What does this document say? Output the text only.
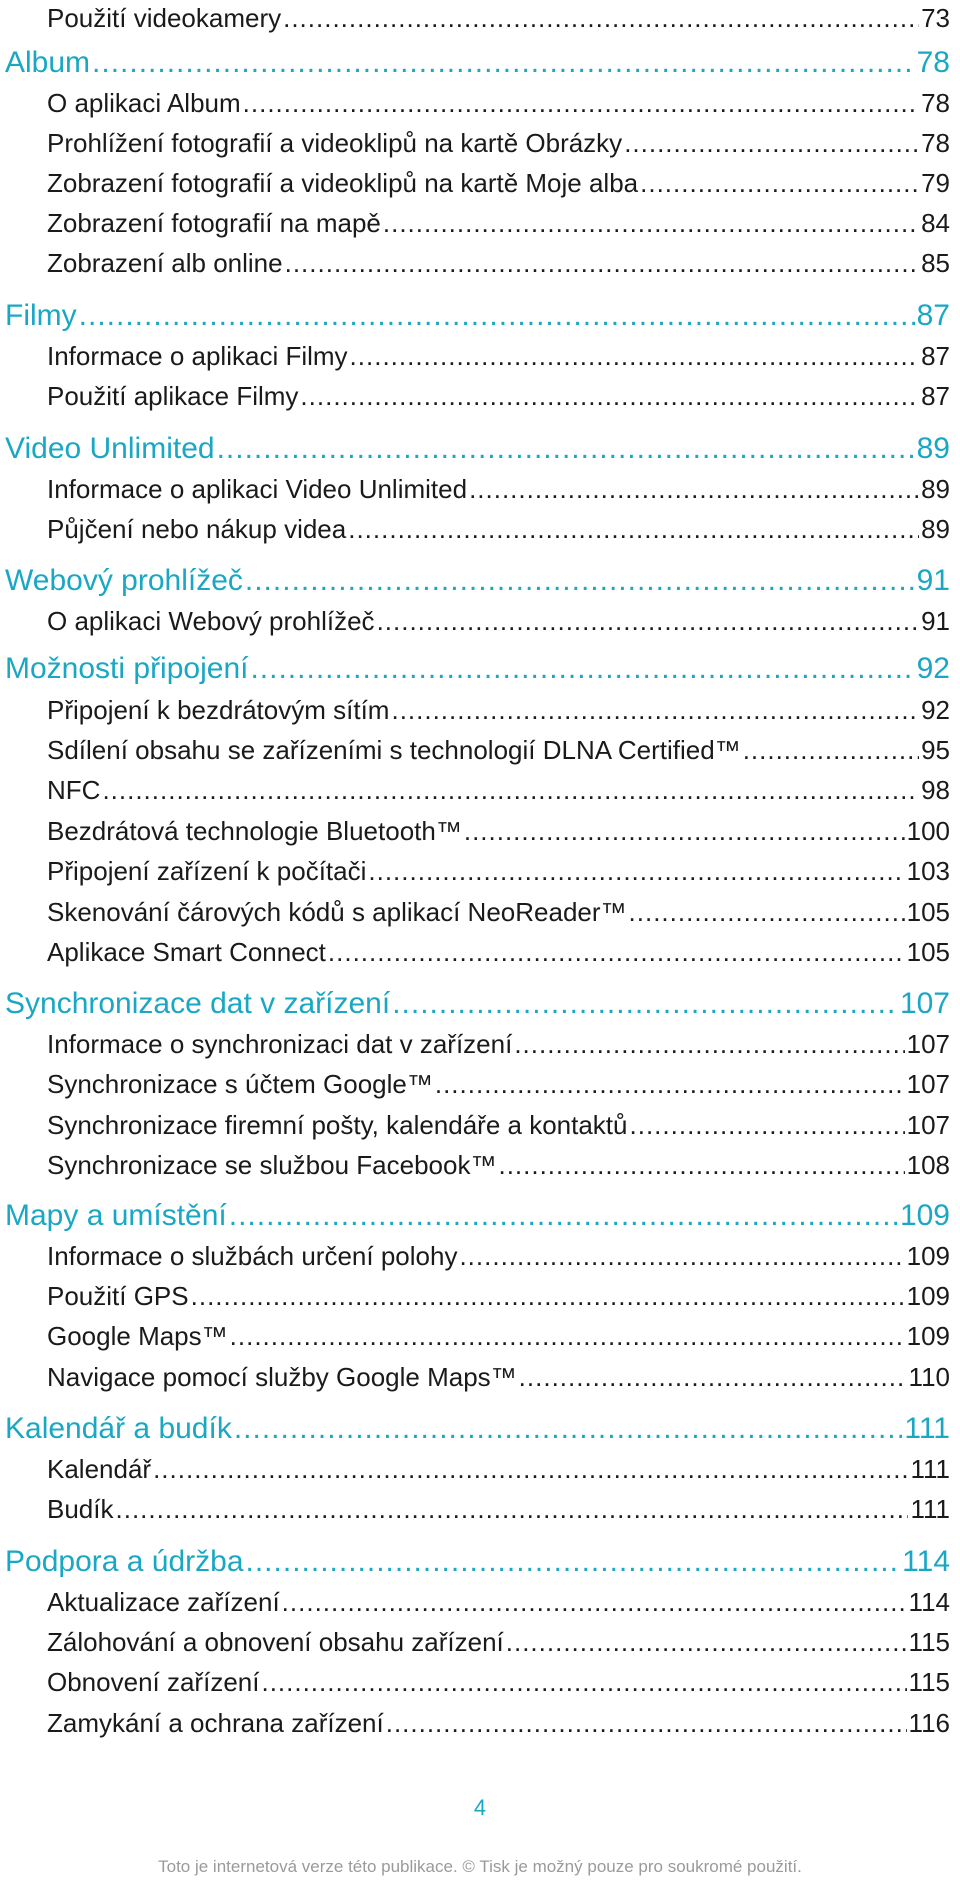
Použití videokamery .....	73
Album .....	78
O aplikaci Album .....	78
Prohlížení fotografií a videoklipů na kartě Obrázky .....	78
Zobrazení fotografií a videoklipů na kartě Moje alba .....	79
Zobrazení fotografií na mapě .....	84
Zobrazení alb online .....	85
Filmy .....	87
Informace o aplikaci Filmy .....	87
Použití aplikace Filmy .....	87
Video Unlimited .....	89
Informace o aplikaci Video Unlimited .....	89
Půjčení nebo nákup videa .....	89
Webový prohlížeč .....	91
O aplikaci Webový prohlížeč .....	91
Možnosti připojení .....	92
Připojení k bezdrátovým sítím .....	92
Sdílení obsahu se zařízeními s technologií DLNA Certified™ .....	95
NFC .....	98
Bezdrátová technologie Bluetooth™ .....	100
Připojení zařízení k počítači .....	103
Skenování čárových kódů s aplikací NeoReader™ .....	105
Aplikace Smart Connect .....	105
Synchronizace dat v zařízení .....	107
Informace o synchronizaci dat v zařízení .....	107
Synchronizace s účtem Google™ .....	107
Synchronizace firemní pošty, kalendáře a kontaktů .....	107
Synchronizace se službou Facebook™ .....	108
Mapy a umístění .....	109
Informace o službách určení polohy .....	109
Použití GPS .....	109
Google Maps™ .....	109
Navigace pomocí služby Google Maps™ .....	110
Kalendář a budík .....	111
Kalendář .....	111
Budík .....	111
Podpora a údržba .....	114
Aktualizace zařízení .....	114
Zálohování a obnovení obsahu zařízení .....	115
Obnovení zařízení .....	115
Zamykání a ochrana zařízení .....	116
4
Toto je internetová verze této publikace. © Tisk je možný pouze pro soukromé použití.
